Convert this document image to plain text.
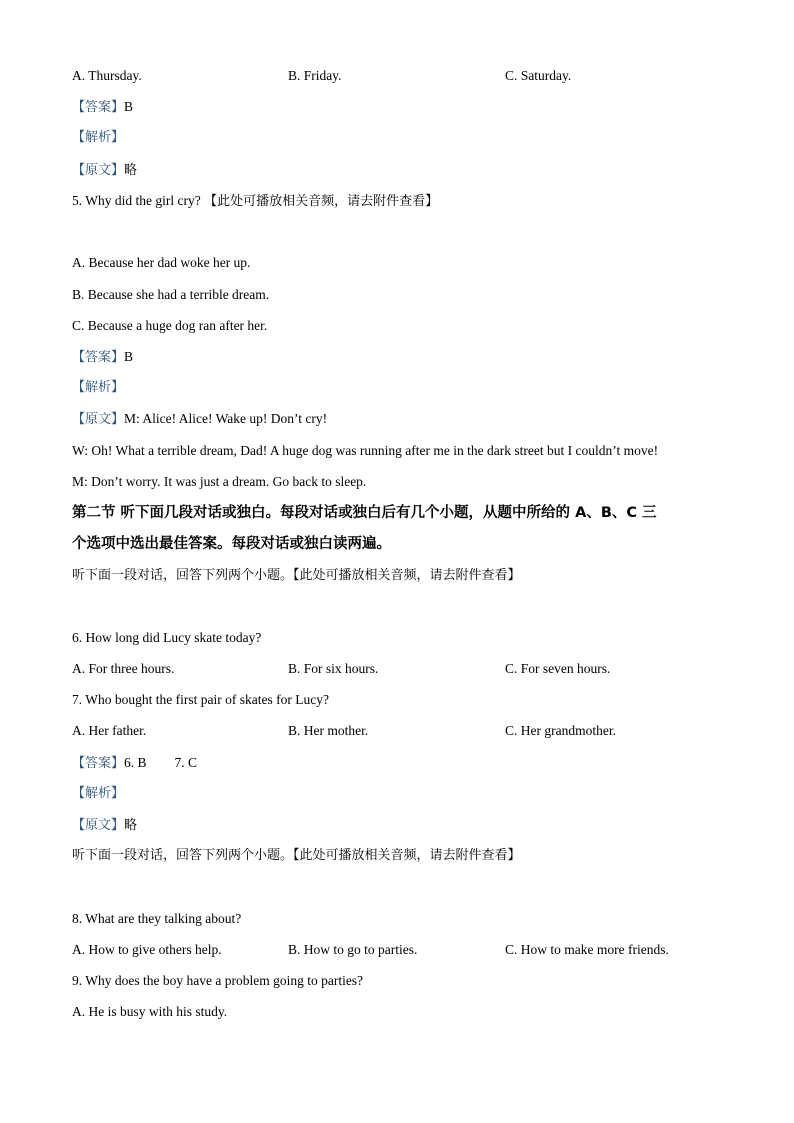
A. Thursday.	B. Friday.	C. Saturday.
【答案】B
【解析】
【原文】略
5. Why did the girl cry? 【此处可播放相关音频，请去附件查看】
A. Because her dad woke her up.
B. Because she had a terrible dream.
C. Because a huge dog ran after her.
【答案】B
【解析】
【原文】M: Alice! Alice! Wake up! Don’t cry!
W: Oh! What a terrible dream, Dad! A huge dog was running after me in the dark street but I couldn’t move!
M: Don’t worry. It was just a dream. Go back to sleep.
第二节 听下面几段对话或独白。每段对话或独白后有几个小题，从题中所给的 A、B、C 三
个选项中选出最佳答案。每段对话或独白读两遍。
听下面一段对话，回答下列两个小题。【此处可播放相关音频，请去附件查看】
6. How long did Lucy skate today?
A. For three hours.	B. For six hours.	C. For seven hours.
7. Who bought the first pair of skates for Lucy?
A. Her father.	B. Her mother.	C. Her grandmother.
【答案】6. B 7. C
【解析】
【原文】略
听下面一段对话，回答下列两个小题。【此处可播放相关音频，请去附件查看】
8. What are they talking about?
A. How to give others help.	B. How to go to parties.	C. How to make more friends.
9. Why does the boy have a problem going to parties?
A. He is busy with his study.
